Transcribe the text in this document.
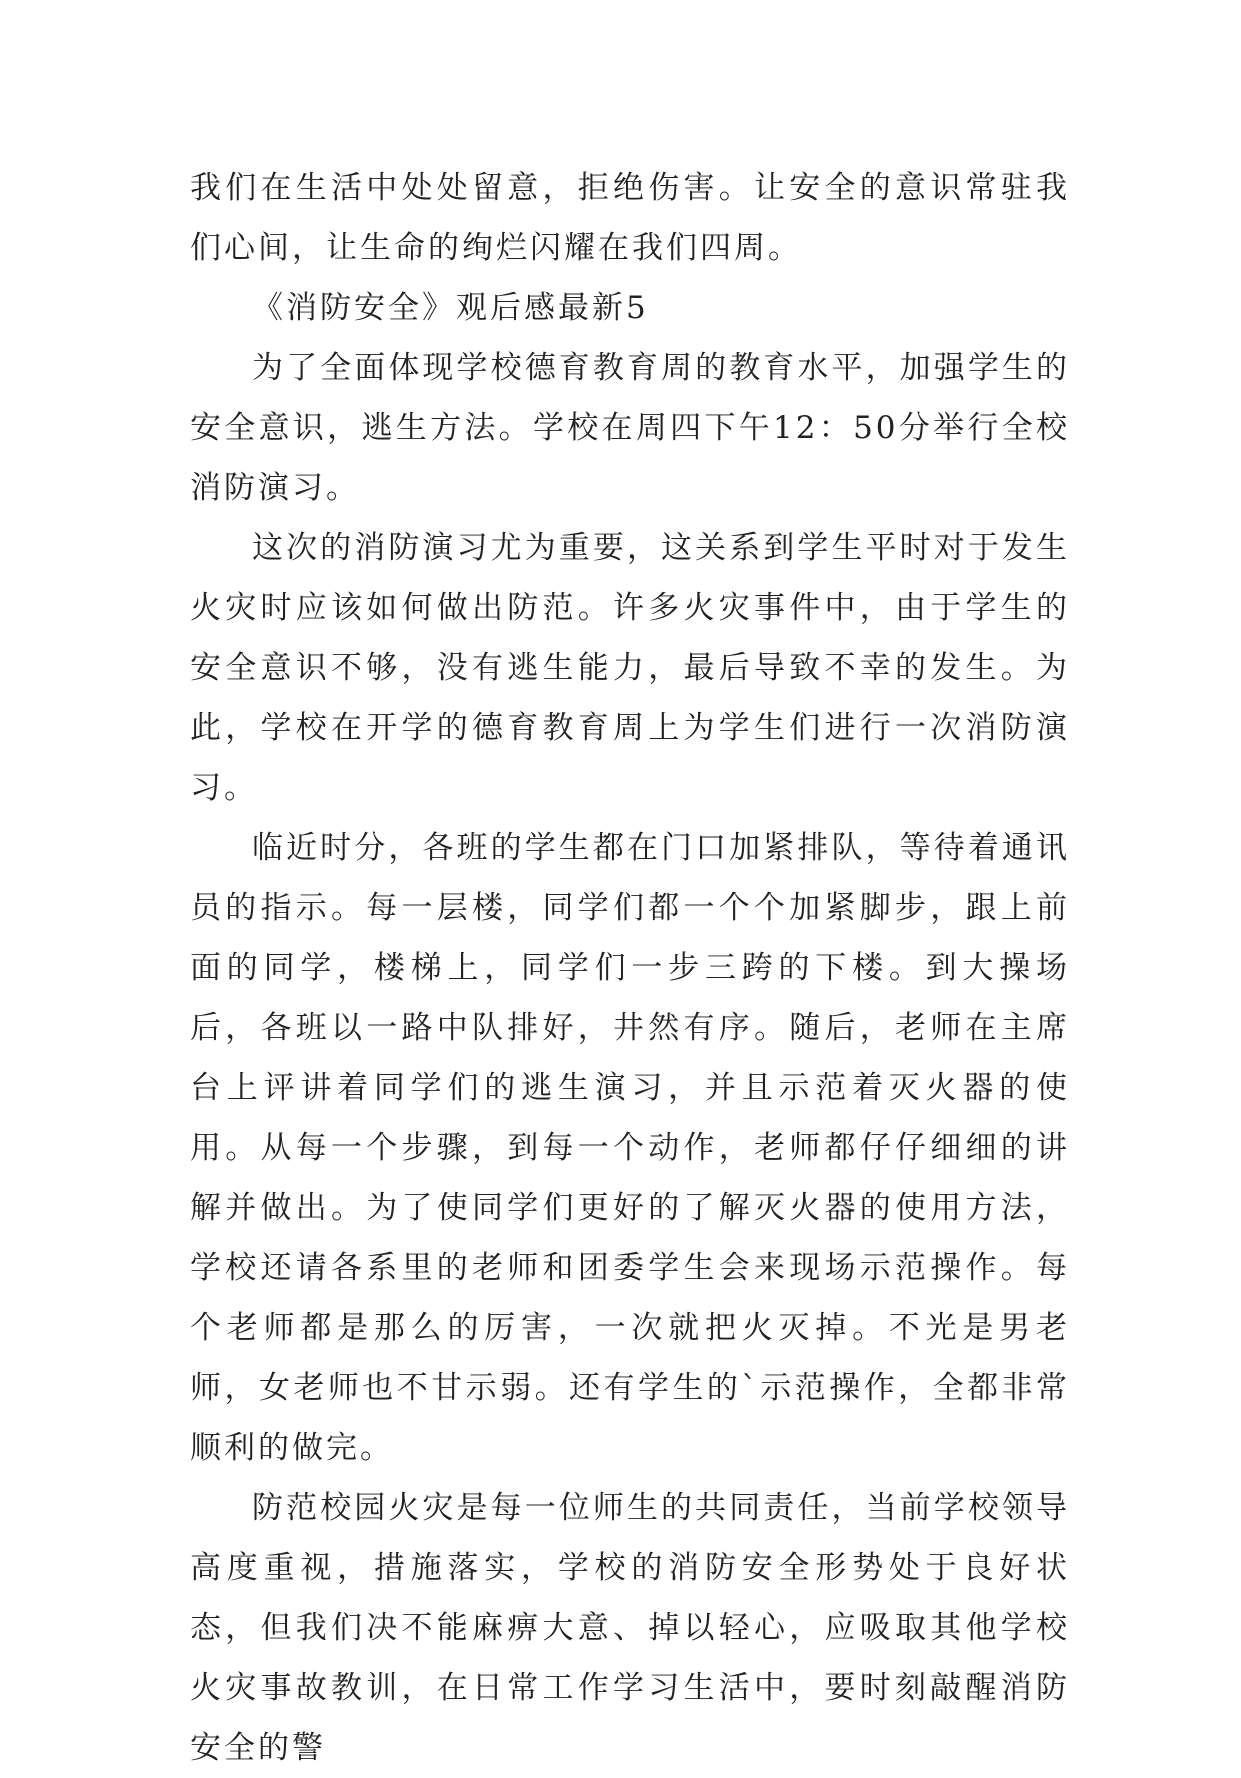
我们在生活中处处留意，拒绝伤害。让安全的意识常驻我们心间，让生命的绚烂闪耀在我们四周。

《消防安全》观后感最新5

为了全面体现学校德育教育周的教育水平，加强学生的安全意识，逃生方法。学校在周四下午12：50分举行全校消防演习。

这次的消防演习尤为重要，这关系到学生平时对于发生火灾时应该如何做出防范。许多火灾事件中，由于学生的安全意识不够，没有逃生能力，最后导致不幸的发生。为此，学校在开学的德育教育周上为学生们进行一次消防演习。

临近时分，各班的学生都在门口加紧排队，等待着通讯员的指示。每一层楼，同学们都一个个加紧脚步，跟上前面的同学，楼梯上，同学们一步三跨的下楼。到大操场后，各班以一路中队排好，井然有序。随后，老师在主席台上评讲着同学们的逃生演习，并且示范着灭火器的使用。从每一个步骤，到每一个动作，老师都仔仔细细的讲解并做出。为了使同学们更好的了解灭火器的使用方法，学校还请各系里的老师和团委学生会来现场示范操作。每个老师都是那么的厉害，一次就把火灭掉。不光是男老师，女老师也不甘示弱。还有学生的`示范操作，全都非常顺利的做完。

防范校园火灾是每一位师生的共同责任，当前学校领导高度重视，措施落实，学校的消防安全形势处于良好状态，但我们决不能麻痹大意、掉以轻心，应吸取其他学校火灾事故教训，在日常工作学习生活中，要时刻敲醒消防安全的警
